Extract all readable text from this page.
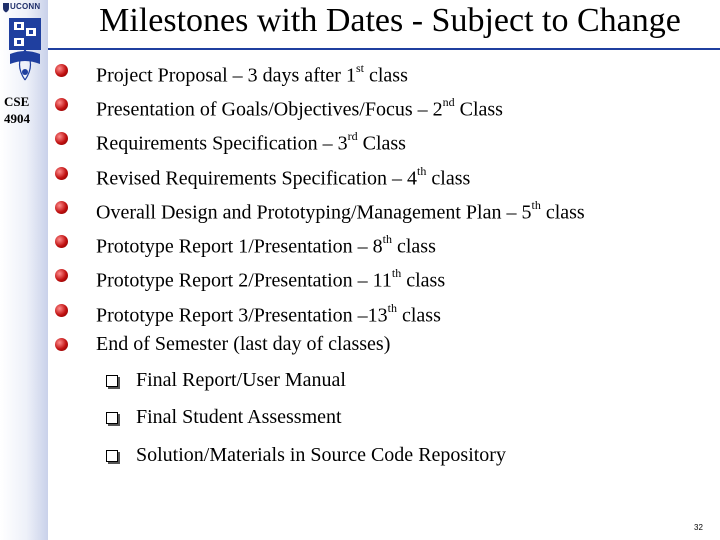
UCONN
CSE
4904
Milestones with Dates - Subject to Change
Project Proposal – 3 days after 1st class
Presentation of Goals/Objectives/Focus – 2nd Class
Requirements Specification – 3rd Class
Revised Requirements Specification – 4th class
Overall Design and Prototyping/Management Plan – 5th class
Prototype Report 1/Presentation – 8th class
Prototype Report 2/Presentation – 11th class
Prototype Report 3/Presentation –13th class
End of Semester (last day of classes)
Final Report/User Manual
Final Student Assessment
Solution/Materials in Source Code Repository
32
